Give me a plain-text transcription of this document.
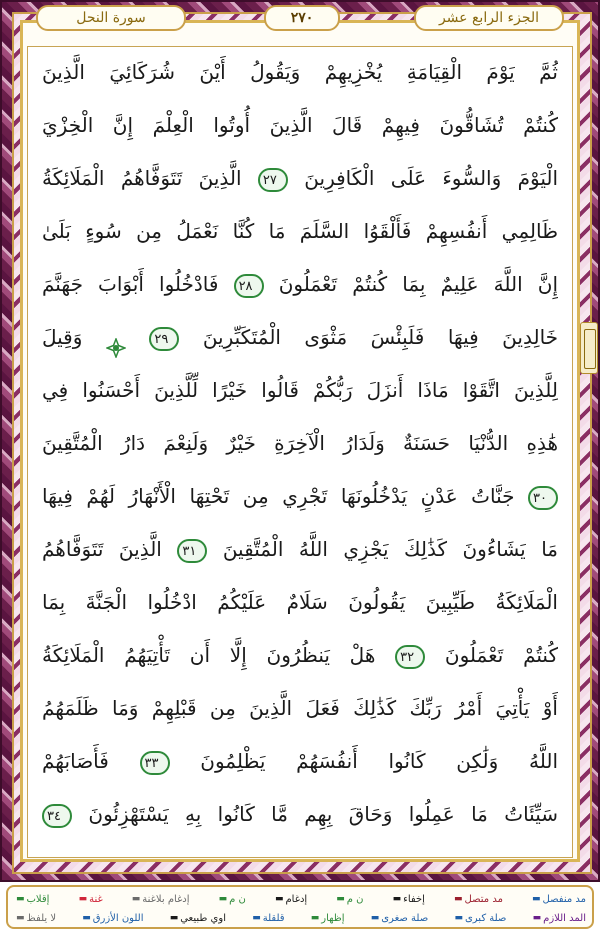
سورة النحل	٢٧٠	الجزء الرابع عشر
ثُمَّ يَوْمَ الْقِيَامَةِ يُخْزِيهِمْ وَيَقُولُ أَيْنَ شُرَكَائِيَ الَّذِينَ
كُنتُمْ تُشَاقُّونَ فِيهِمْ قَالَ الَّذِينَ أُوتُوا الْعِلْمَ إِنَّ الْخِزْيَ
الْيَوْمَ وَالسُّوءَ عَلَى الْكَافِرِينَ ٢٧ الَّذِينَ تَتَوَفَّاهُمُ الْمَلَائِكَةُ
ظَالِمِي أَنفُسِهِمْ فَأَلْقَوُا السَّلَمَ مَا كُنَّا نَعْمَلُ مِن سُوءٍ بَلَىٰ
إِنَّ اللَّهَ عَلِيمٌ بِمَا كُنتُمْ تَعْمَلُونَ ٢٨ فَادْخُلُوا أَبْوَابَ جَهَنَّمَ
خَالِدِينَ فِيهَا فَلَبِئْسَ مَثْوَى الْمُتَكَبِّرِينَ ٢٩  وَقِيلَ
لِلَّذِينَ اتَّقَوْا مَاذَا أَنزَلَ رَبُّكُمْ قَالُوا خَيْرًا لِّلَّذِينَ أَحْسَنُوا فِي
هَٰذِهِ الدُّنْيَا حَسَنَةٌ وَلَدَارُ الْآخِرَةِ خَيْرٌ وَلَنِعْمَ دَارُ الْمُتَّقِينَ
٣٠ جَنَّاتُ عَدْنٍ يَدْخُلُونَهَا تَجْرِي مِن تَحْتِهَا الْأَنْهَارُ لَهُمْ فِيهَا
مَا يَشَاءُونَ كَذَٰلِكَ يَجْزِي اللَّهُ الْمُتَّقِينَ ٣١ الَّذِينَ تَتَوَفَّاهُمُ
الْمَلَائِكَةُ طَيِّبِينَ يَقُولُونَ سَلَامٌ عَلَيْكُمُ ادْخُلُوا الْجَنَّةَ بِمَا
كُنتُمْ تَعْمَلُونَ ٣٢ هَلْ يَنظُرُونَ إِلَّا أَن تَأْتِيَهُمُ الْمَلَائِكَةُ
أَوْ يَأْتِيَ أَمْرُ رَبِّكَ كَذَٰلِكَ فَعَلَ الَّذِينَ مِن قَبْلِهِمْ وَمَا ظَلَمَهُمُ
اللَّهُ وَلَٰكِن كَانُوا أَنفُسَهُمْ يَظْلِمُونَ ٣٣ فَأَصَابَهُمْ
سَيِّئَاتُ مَا عَمِلُوا وَحَاقَ بِهِم مَّا كَانُوا بِهِ يَسْتَهْزِئُونَ ٣٤
▬ مد منفصل
▬ مد متصل
▬ إخفاء
▬ ن م
▬ إدغام
▬ ن م
▬ إدغام بلاغنة
▬ غنة
▬ إقلاب
▬ المد اللازم
▬ صلة كبرى
▬ صلة صغرى
▬ إظهار
▬ قلقلة
▬ اوي طبيعي
▬ اللون الأزرق
▬ لا يلفظ
